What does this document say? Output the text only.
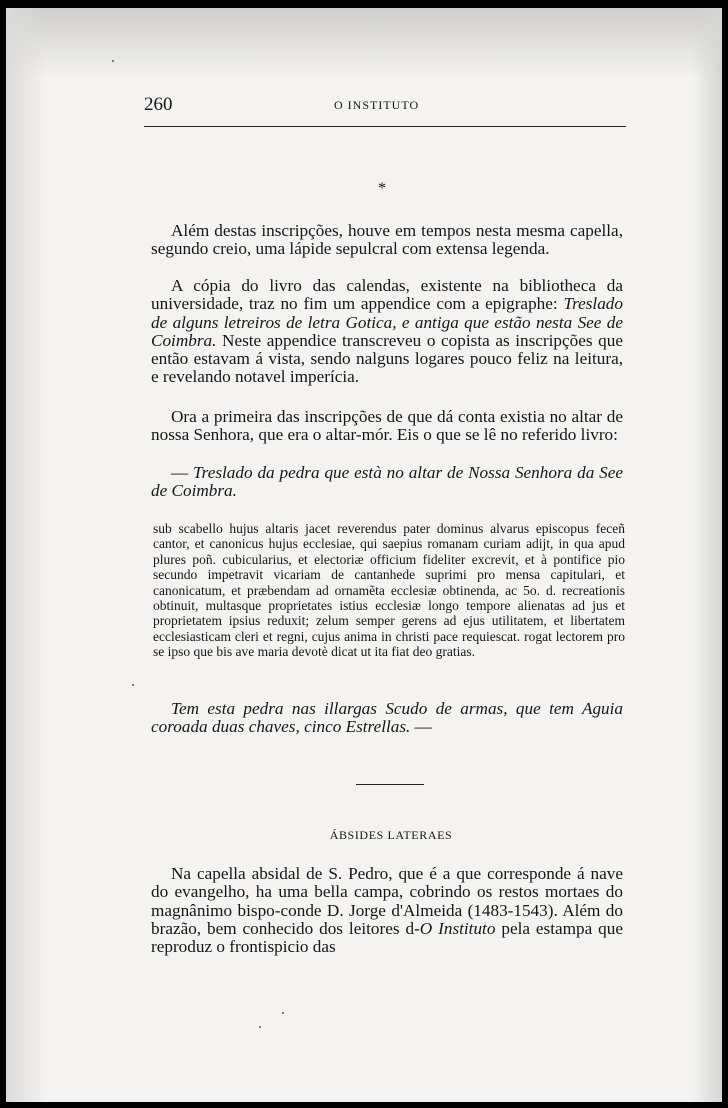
260	O INSTITUTO
*

Além destas inscripções, houve em tempos nesta mesma capella, segundo creio, uma lápide sepulcral com extensa legenda.

A cópia do livro das calendas, existente na bibliotheca da universidade, traz no fim um appendice com a epigraphe: Treslado de alguns letreiros de letra Gotica, e antiga que estão nesta See de Coimbra. Neste appendice transcreveu o copista as inscripções que então estavam á vista, sendo nalguns logares pouco feliz na leitura, e revelando notavel imperícia.

Ora a primeira das inscripções de que dá conta existia no altar de nossa Senhora, que era o altar-mór. Eis o que se lê no referido livro:

— Treslado da pedra que està no altar de Nossa Senhora da See de Coimbra.

sub scabello hujus altaris jacet reverendus pater dominus alvarus episcopus feceñ cantor, et canonicus hujus ecclesiae, qui saepius romanam curiam adijt, in qua apud plures poñ. cubicularius, et electoriæ officium fideliter excrevit, et à pontifice pio secundo impetravit vicariam de cantanhede suprimi pro mensa capitulari, et canonicatum, et præbendam ad ornamẽta ecclesiæ obtinenda, ac 5o. d. recreationis obtinuit, multasque proprietates istius ecclesiæ longo tempore alienatas ad jus et proprietatem ipsius reduxit; zelum semper gerens ad ejus utilitatem, et libertatem ecclesiasticam cleri et regni, cujus anima in christi pace requiescat. rogat lectorem pro se ipso que bis ave maria devotè dicat ut ita fiat deo gratias.

Tem esta pedra nas illargas Scudo de armas, que tem Aguia coroada duas chaves, cinco Estrellas. —

ÁBSIDES LATERAES

Na capella absidal de S. Pedro, que é a que corresponde á nave do evangelho, ha uma bella campa, cobrindo os restos mortaes do magnânimo bispo-conde D. Jorge d'Almeida (1483-1543). Além do brazão, bem conhecido dos leitores d-O Instituto pela estampa que reproduz o frontispicio das
